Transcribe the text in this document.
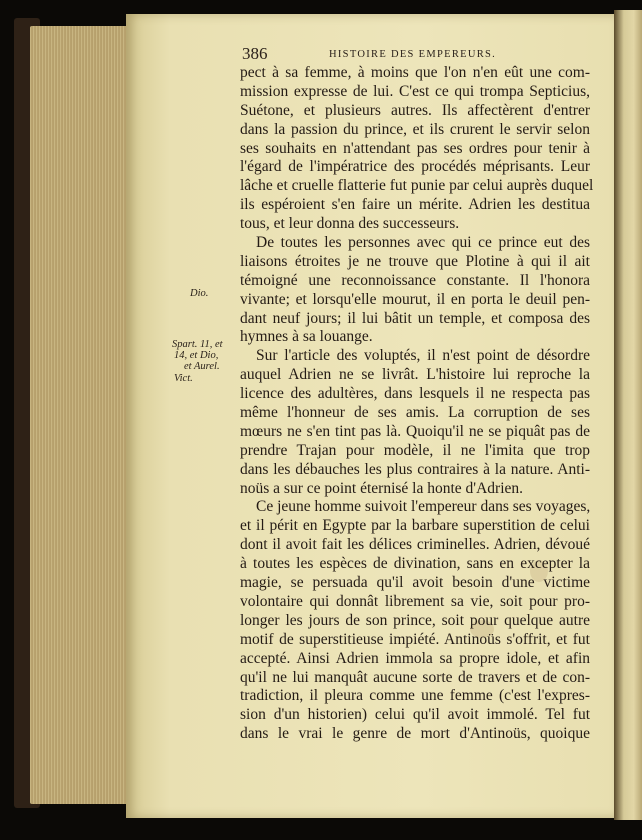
386	HISTOIRE DES EMPEREURS.
Dio.
Spart. 11, et
14, et Dio,
et Aurel.
Vict.
pect à sa femme, à moins que l'on n'en eût une com-
mission expresse de lui. C'est ce qui trompa Septicius,
Suétone, et plusieurs autres. Ils affectèrent d'entrer
dans la passion du prince, et ils crurent le servir selon
ses souhaits en n'attendant pas ses ordres pour tenir à
l'égard de l'impératrice des procédés méprisants. Leur
lâche et cruelle flatterie fut punie par celui auprès duquel
ils espéroient s'en faire un mérite. Adrien les destitua
tous, et leur donna des successeurs.
De toutes les personnes avec qui ce prince eut des
liaisons étroites je ne trouve que Plotine à qui il ait
témoigné une reconnoissance constante. Il l'honora
vivante; et lorsqu'elle mourut, il en porta le deuil pen-
dant neuf jours; il lui bâtit un temple, et composa des
hymnes à sa louange.
Sur l'article des voluptés, il n'est point de désordre
auquel Adrien ne se livrât. L'histoire lui reproche la
licence des adultères, dans lesquels il ne respecta pas
même l'honneur de ses amis. La corruption de ses
mœurs ne s'en tint pas là. Quoiqu'il ne se piquât pas de
prendre Trajan pour modèle, il ne l'imita que trop
dans les débauches les plus contraires à la nature. Anti-
noüs a sur ce point éternisé la honte d'Adrien.
Ce jeune homme suivoit l'empereur dans ses voyages,
et il périt en Egypte par la barbare superstition de celui
dont il avoit fait les délices criminelles. Adrien, dévoué
à toutes les espèces de divination, sans en excepter la
magie, se persuada qu'il avoit besoin d'une victime
volontaire qui donnât librement sa vie, soit pour pro-
longer les jours de son prince, soit pour quelque autre
motif de superstitieuse impiété. Antinoüs s'offrit, et fut
accepté. Ainsi Adrien immola sa propre idole, et afin
qu'il ne lui manquât aucune sorte de travers et de con-
tradiction, il pleura comme une femme (c'est l'expres-
sion d'un historien) celui qu'il avoit immolé. Tel fut
dans le vrai le genre de mort d'Antinoüs, quoique
